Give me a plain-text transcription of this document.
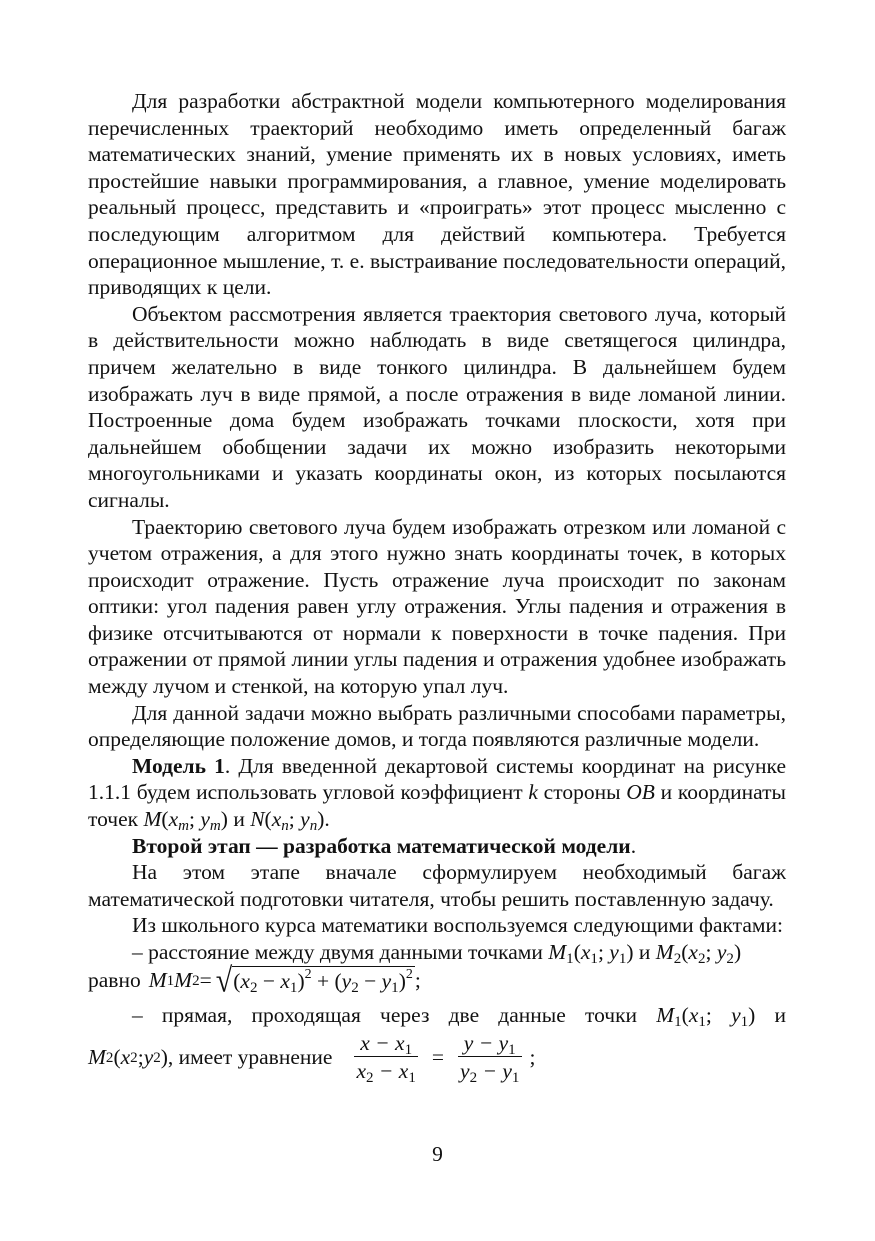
Для разработки абстрактной модели компьютерного моделирования перечисленных траекторий необходимо иметь определенный багаж математических знаний, умение применять их в новых условиях, иметь простейшие навыки программирования, а главное, умение моделировать реальный процесс, представить и «проиграть» этот процесс мысленно с последующим алгоритмом для действий компьютера. Требуется операционное мышление, т. е. выстраивание последовательности операций, приводящих к цели.

Объектом рассмотрения является траектория светового луча, который в действительности можно наблюдать в виде светящегося цилиндра, причем желательно в виде тонкого цилиндра. В дальнейшем будем изображать луч в виде прямой, а после отражения в виде ломаной линии. Построенные дома будем изображать точками плоскости, хотя при дальнейшем обобщении задачи их можно изобразить некоторыми многоугольниками и указать координаты окон, из которых посылаются сигналы.

Траекторию светового луча будем изображать отрезком или ломаной с учетом отражения, а для этого нужно знать координаты точек, в которых происходит отражение. Пусть отражение луча происходит по законам оптики: угол падения равен углу отражения. Углы падения и отражения в физике отсчитываются от нормали к поверхности в точке падения. При отражении от прямой линии углы падения и отражения удобнее изображать между лучом и стенкой, на которую упал луч.

Для данной задачи можно выбрать различными способами параметры, определяющие положение домов, и тогда появляются различные модели.

Модель 1. Для введенной декартовой системы координат на рисунке 1.1.1 будем использовать угловой коэффициент k стороны OB и координаты точек $M(x_m$; $y_m$) и $N(x_n$; $y_n$).

Второй этап — разработка математической модели.

На этом этапе вначале сформулируем необходимый багаж математической подготовки читателя, чтобы решить поставленную задачу.

Из школьного курса математики воспользуемся следующими фактами:

– расстояние между двумя данными точками $M_1(x_1$; $y_1$) и $M_2(x_2$; $y_2$)

равно M 1 M 2 = √ $(x_2 - x_1)^2 + (y_2 - y_1)^2$ ;

– прямая, проходящая через две данные точки $M_1(x_1$; $y_1$) и

M 2 ( x 2 ; y 2 ), имеет уравнение $\frac{x - x_1}{x_2 - x_1} = \frac{y - y_1}{y_2 - y_1}$ ;
9
